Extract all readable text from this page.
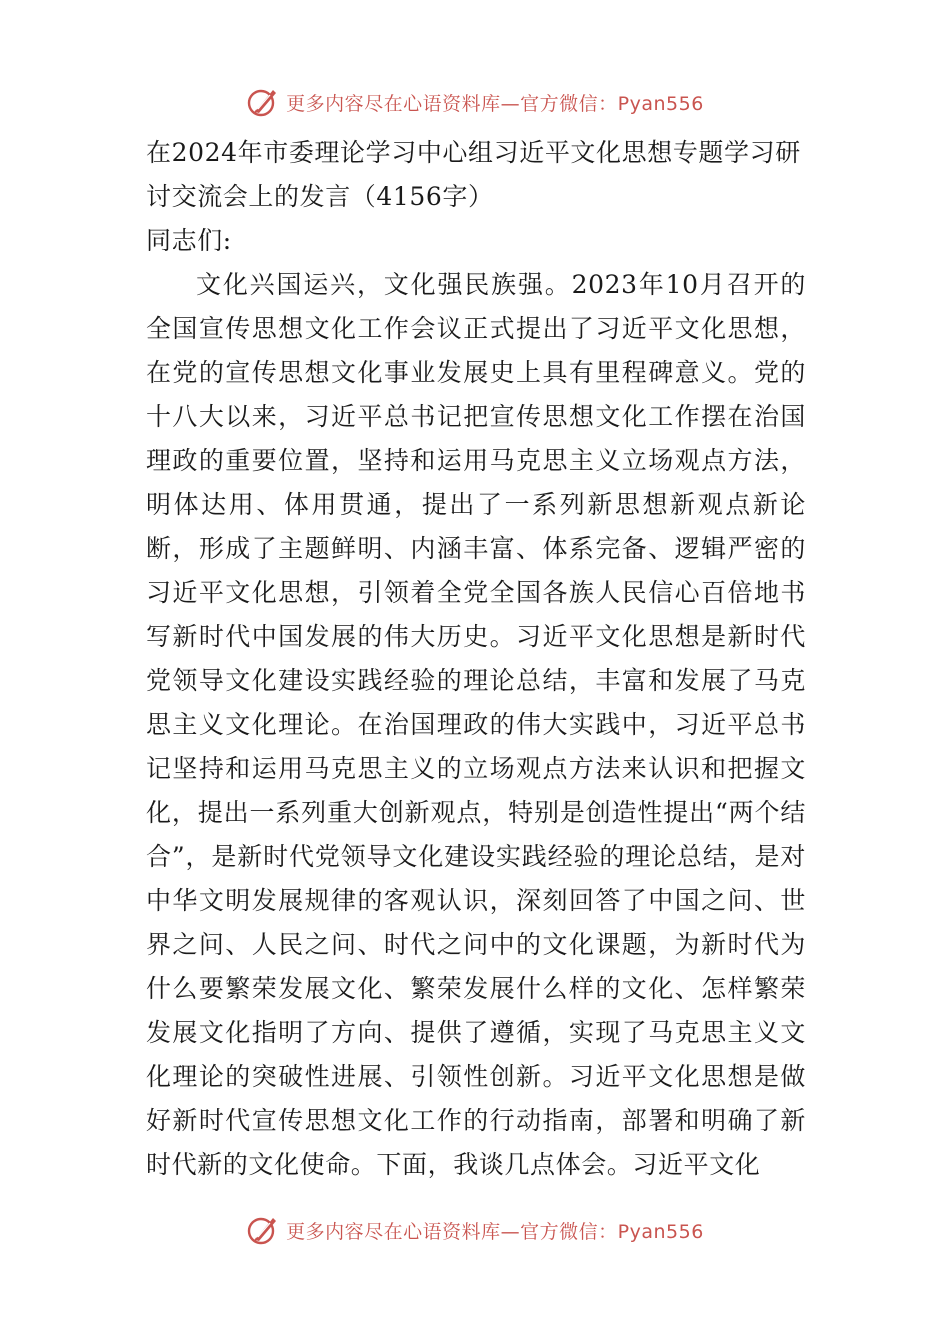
更多内容尽在心语资料库—官方微信：Pyan556

在2024年市委理论学习中心组习近平文化思想专题学习研讨交流会上的发言（4156字）

同志们:

文化兴国运兴，文化强民族强。2023年10月召开的全国宣传思想文化工作会议正式提出了习近平文化思想，在党的宣传思想文化事业发展史上具有里程碑意义。党的十八大以来，习近平总书记把宣传思想文化工作摆在治国理政的重要位置，坚持和运用马克思主义立场观点方法，明体达用、体用贯通，提出了一系列新思想新观点新论断，形成了主题鲜明、内涵丰富、体系完备、逻辑严密的习近平文化思想，引领着全党全国各族人民信心百倍地书写新时代中国发展的伟大历史。习近平文化思想是新时代党领导文化建设实践经验的理论总结，丰富和发展了马克思主义文化理论。在治国理政的伟大实践中，习近平总书记坚持和运用马克思主义的立场观点方法来认识和把握文化，提出一系列重大创新观点，特别是创造性提出“两个结合”，是新时代党领导文化建设实践经验的理论总结，是对中华文明发展规律的客观认识，深刻回答了中国之问、世界之问、人民之问、时代之问中的文化课题，为新时代为什么要繁荣发展文化、繁荣发展什么样的文化、怎样繁荣发展文化指明了方向、提供了遵循，实现了马克思主义文化理论的突破性进展、引领性创新。习近平文化思想是做好新时代宣传思想文化工作的行动指南，部署和明确了新时代新的文化使命。下面，我谈几点体会。习近平文化

更多内容尽在心语资料库—官方微信：Pyan556
